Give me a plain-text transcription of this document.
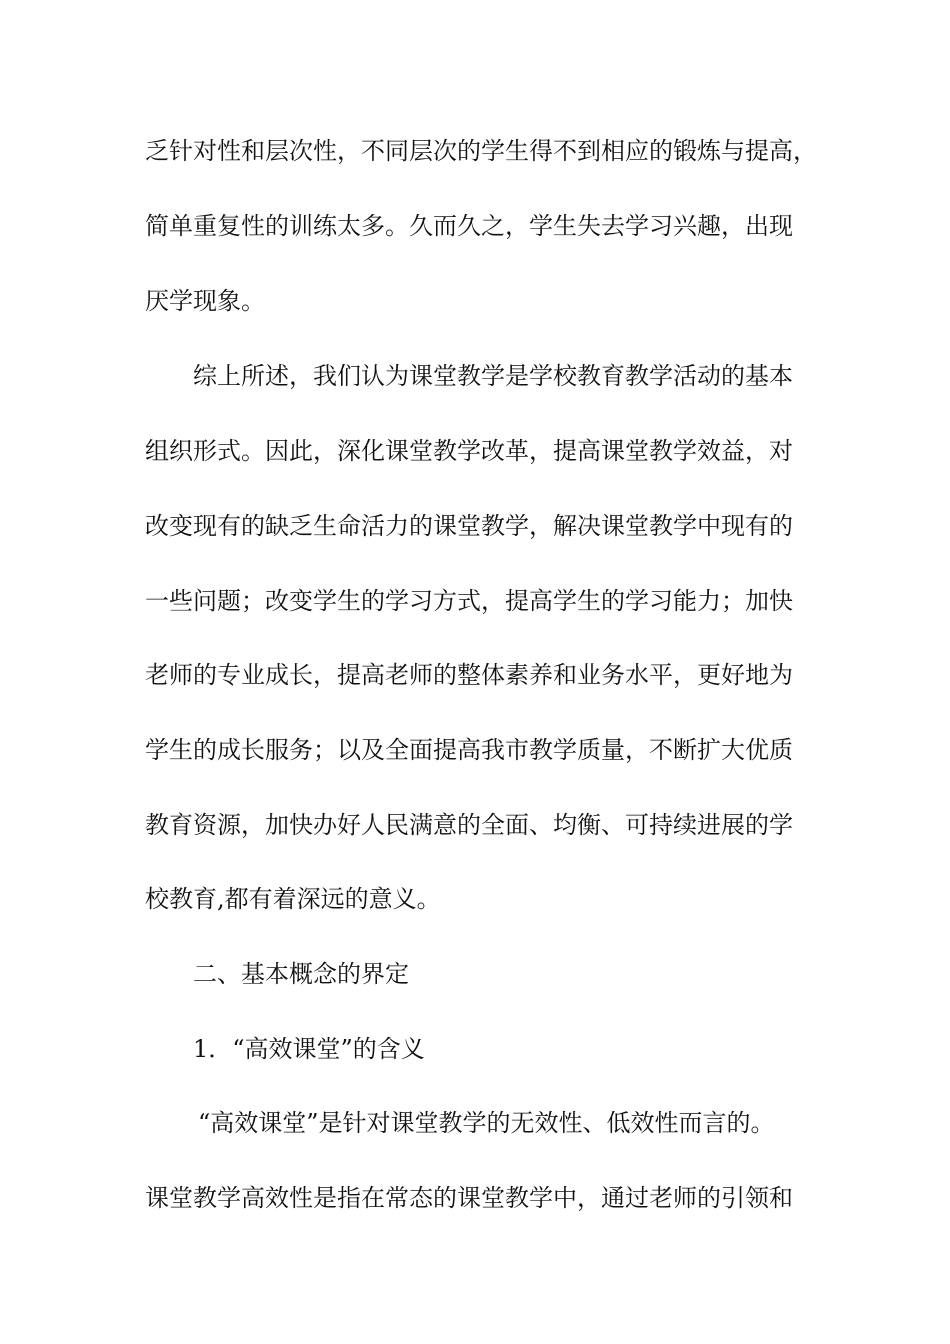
乏针对性和层次性，不同层次的学生得不到相应的锻炼与提高，
简单重复性的训练太多。久而久之，学生失去学习兴趣，出现
厌学现象。
综上所述，我们认为课堂教学是学校教育教学活动的基本
组织形式。因此，深化课堂教学改革，提高课堂教学效益，对
改变现有的缺乏生命活力的课堂教学，解决课堂教学中现有的
一些问题；改变学生的学习方式，提高学生的学习能力；加快
老师的专业成长，提高老师的整体素养和业务水平，更好地为
学生的成长服务；以及全面提高我市教学质量，不断扩大优质
教育资源，加快办好人民满意的全面、均衡、可持续进展的学
校教育,都有着深远的意义。
二、基本概念的界定
1．“高效课堂”的含义
“高效课堂”是针对课堂教学的无效性、低效性而言的。
课堂教学高效性是指在常态的课堂教学中，通过老师的引领和
